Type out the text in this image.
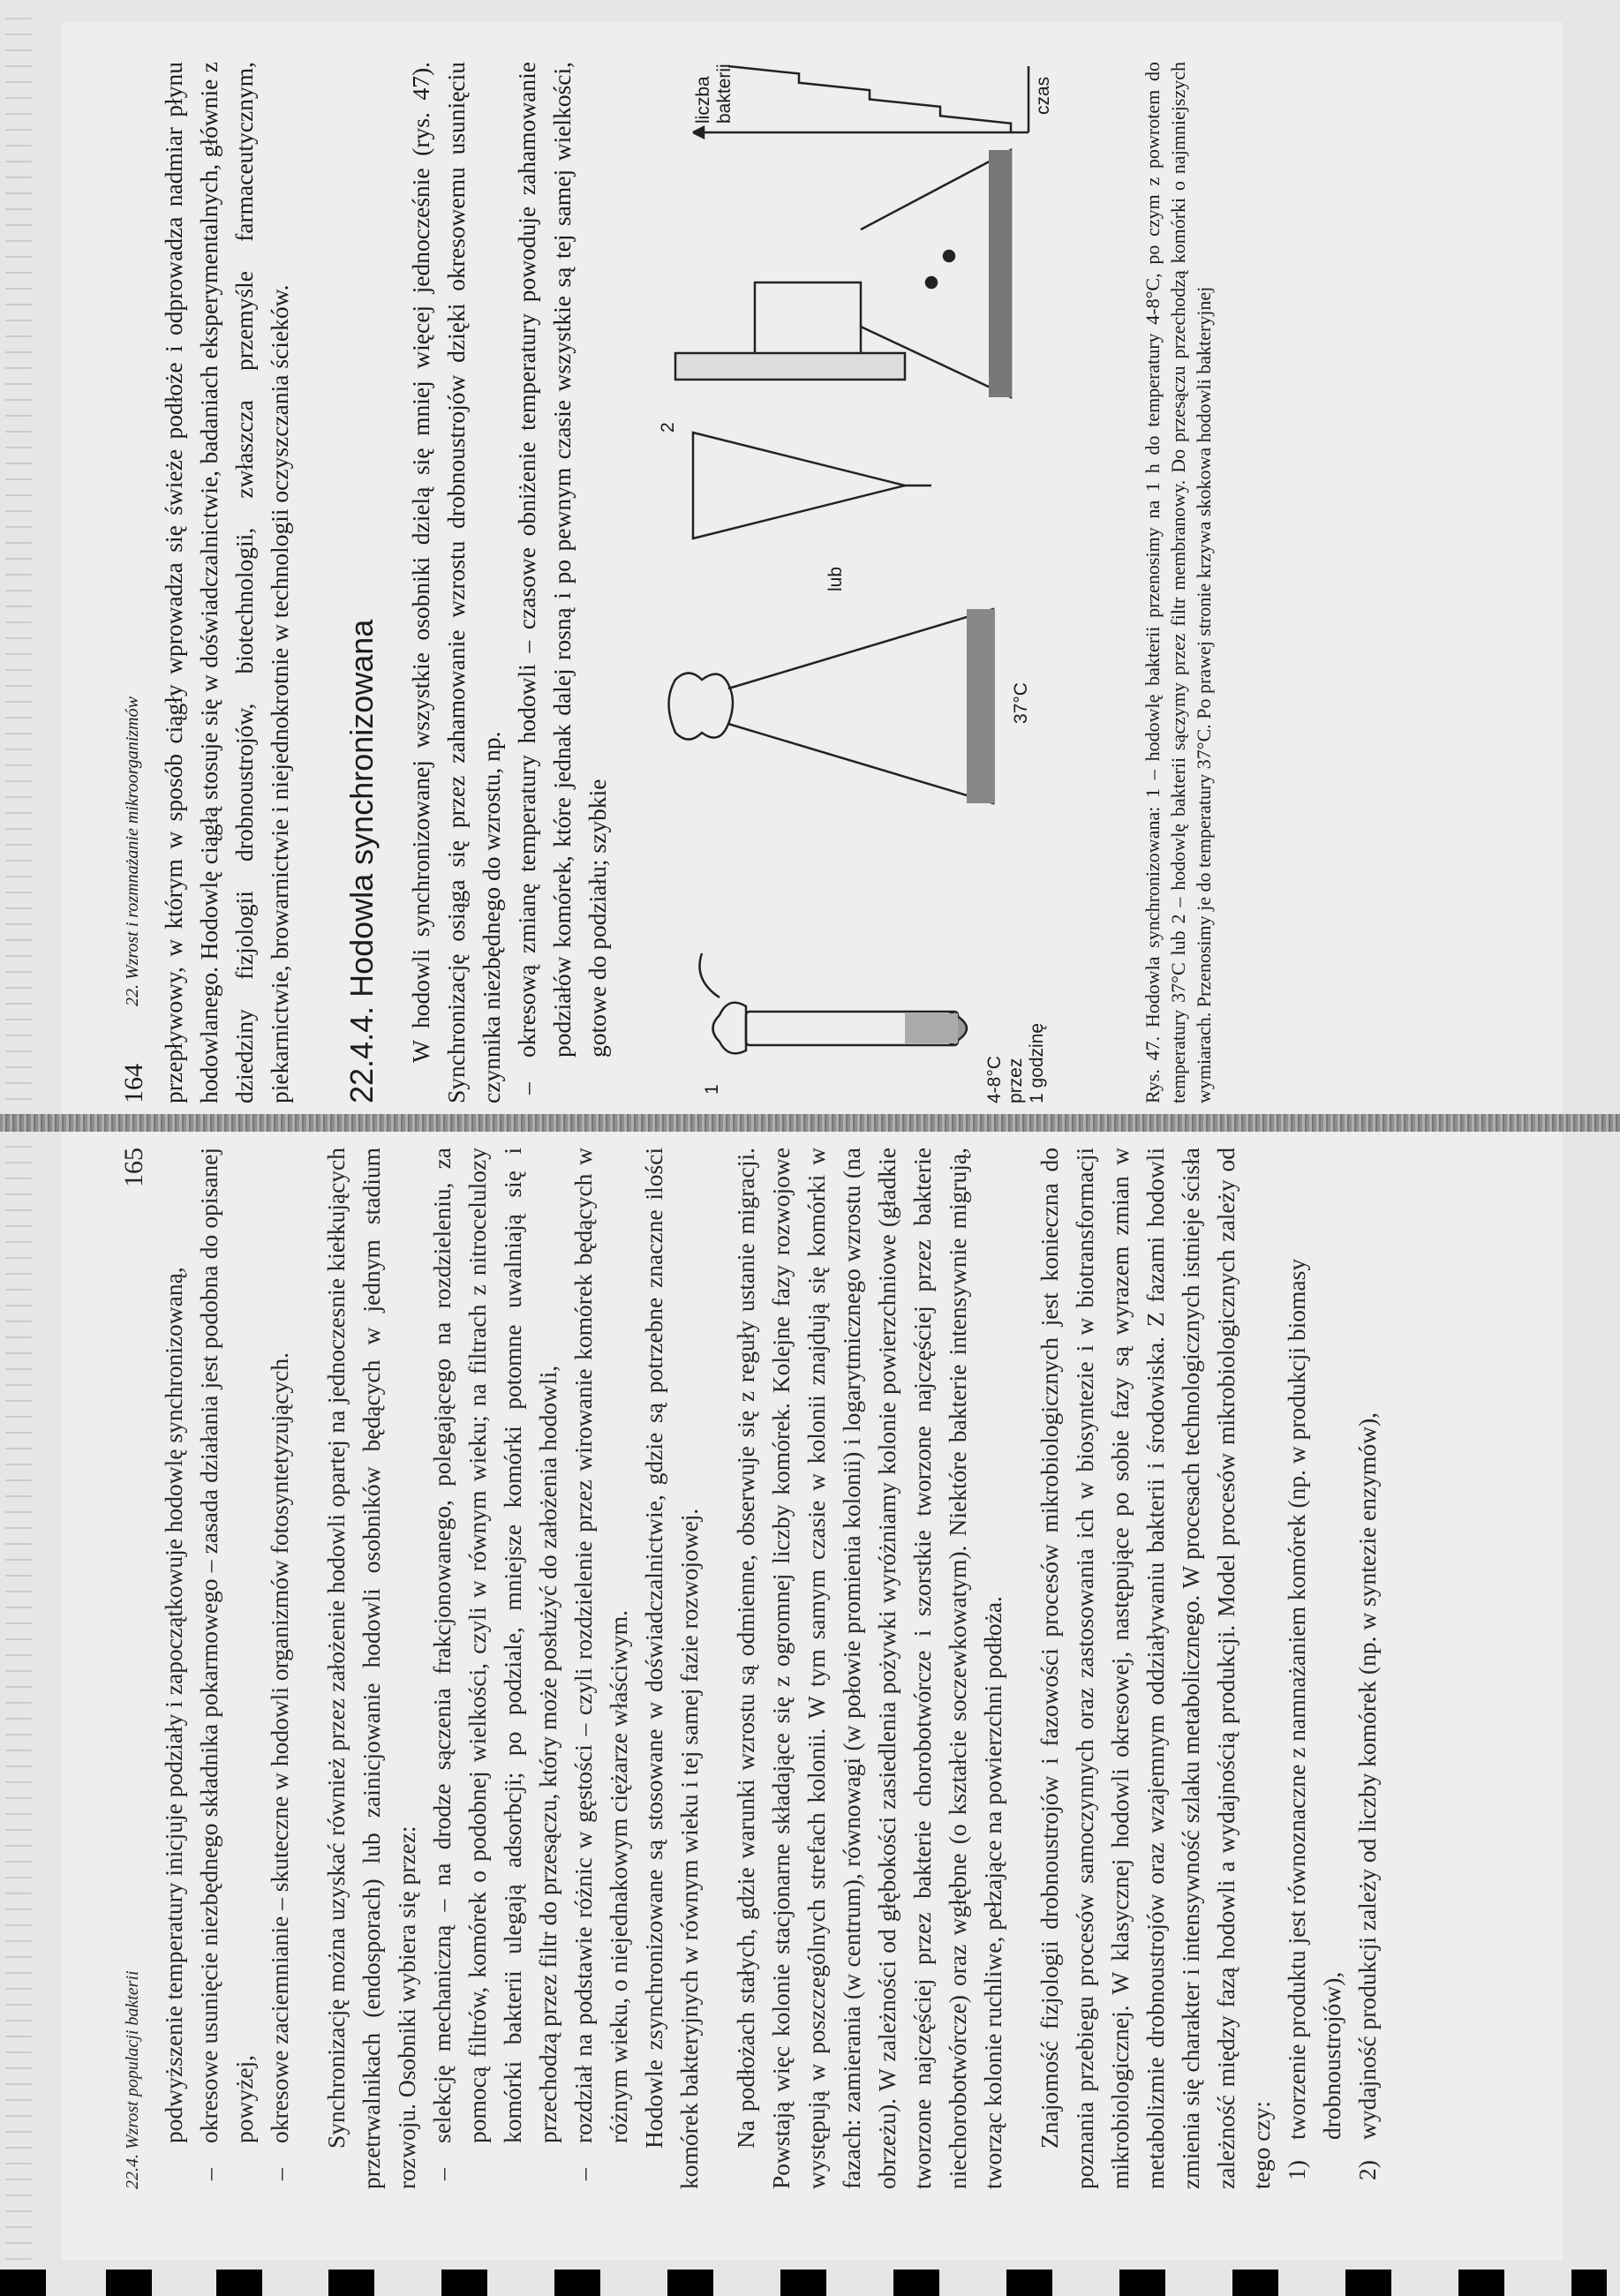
164
22. Wzrost i rozmnażanie mikroorganizmów przepływowy, w którym w sposób ciągły wprowadza się świeże podłoże i odprowadza nadmiar płynu hodowlanego. Hodowlę ciągłą stosuje się w doświadczalnictwie, badaniach eksperymentalnych, głównie z dziedziny fizjologii drobnoustrojów, biotechnologii, zwłaszcza przemyśle farmaceutycznym, piekarnictwie, browarnictwie i niejednokrotnie w technologii oczyszczania ścieków. 22.4.4. Hodowla synchronizowana W hodowli synchronizowanej wszystkie osobniki dzielą się mniej więcej jednocześnie (rys. 47). Synchronizację osiąga się przez zahamowanie wzrostu drobnoustrojów dzięki okresowemu usunięciu czynnika niezbędnego do wzrostu, np. –
okresową zmianę temperatury hodowli – czasowe obniżenie temperatury powoduje zahamowanie podziałów komórek, które jednak dalej rosną i po pewnym czasie wszystkie są tej samej wielkości, gotowe do podziału; szybkie
1	4-8°C przez 1 godzinę
lub
37°C
2
liczba bakterii	czas	Rys. 47. Hodowla synchronizowana: 1 – hodowlę bakterii przenosimy na 1 h do temperatury 4-8°C, po czym z powrotem do temperatury 37°C lub 2 – hodowlę bakterii sączymy przez filtr membranowy. Do przesączu przechodzą komórki o najmniejszych wymiarach. Przenosimy je do temperatury 37°C. Po prawej stronie krzywa skokowa hodowli bakteryjnej

22.4. Wzrost populacji bakterii
165
podwyższenie temperatury inicjuje podziały i zapoczątkowuje hodowlę synchronizowaną,
–
okresowe usunięcie niezbędnego składnika pokarmowego – zasada działania jest podobna do opisanej powyżej,
–
okresowe zaciemnianie – skuteczne w hodowli organizmów fotosyntetyzujących. Synchronizację można uzyskać również przez założenie hodowli opartej na jednoczesnie kiełkujących przetrwalnikach (endosporach) lub zainicjowanie hodowli osobników będących w jednym stadium rozwoju. Osobniki wybiera się przez: –
selekcję mechaniczną – na drodze sączenia frakcjonowanego, polegającego na rozdzieleniu, za pomocą filtrów, komórek o podobnej wielkości, czyli w równym wieku; na filtrach z nitrocelulozy komórki bakterii ulegają adsorbcji; po podziale, mniejsze komórki potomne uwalniają się i przechodzą przez filtr do przesączu, który może posłużyć do założenia hodowli,
–
rozdział na podstawie różnic w gęstości – czyli rozdzielenie przez wirowanie komórek będących w różnym wieku, o niejednakowym ciężarze właściwym. Hodowle zsynchronizowane są stosowane w doświadczalnictwie, gdzie są potrzebne znaczne ilości komórek bakteryjnych w równym wieku i tej samej fazie rozwojowej. Na podłożach stałych, gdzie warunki wzrostu są odmienne, obserwuje się z reguły ustanie migracji. Powstają więc kolonie stacjonarne składające się z ogromnej liczby komórek. Kolejne fazy rozwojowe występują w poszczególnych strefach kolonii. W tym samym czasie w kolonii znajdują się komórki w fazach: zamierania (w centrum), równowagi (w połowie promienia kolonii) i logarytmicznego wzrostu (na obrzeżu). W zależności od głębokości zasiedlenia pożywki wyróżniamy kolonie powierzchniowe (gładkie tworzone najczęściej przez bakterie chorobotwórcze i szorstkie tworzone najczęściej przez bakterie niechorobotwórcze) oraz wgłębne (o kształcie soczewkowatym). Niektóre bakterie intensywnie migrują, tworząc kolonie ruchliwe, pełzające na powierzchni podłoża. Znajomość fizjologii drobnoustrojów i fazowości procesów mikrobiologicznych jest konieczna do poznania przebiegu procesów samoczynnych oraz zastosowania ich w biosyntezie i w biotransformacji mikrobiologicznej. W klasycznej hodowli okresowej, następujące po sobie fazy są wyrazem zmian w metabolizmie drobnoustrojów oraz wzajemnym oddziaływaniu bakterii i środowiska. Z fazami hodowli zmienia się charakter i intensywność szlaku metabolicznego. W procesach technologicznych istnieje ścisła zależność między fazą hodowli a wydajnością produkcji. Model procesów mikrobiologicznych zależy od tego czy: 1)
tworzenie produktu jest równoznaczne z namnażaniem komórek (np. w produkcji biomasy drobnoustrojów),
2)
wydajność produkcji zależy od liczby komórek (np. w syntezie enzymów),
